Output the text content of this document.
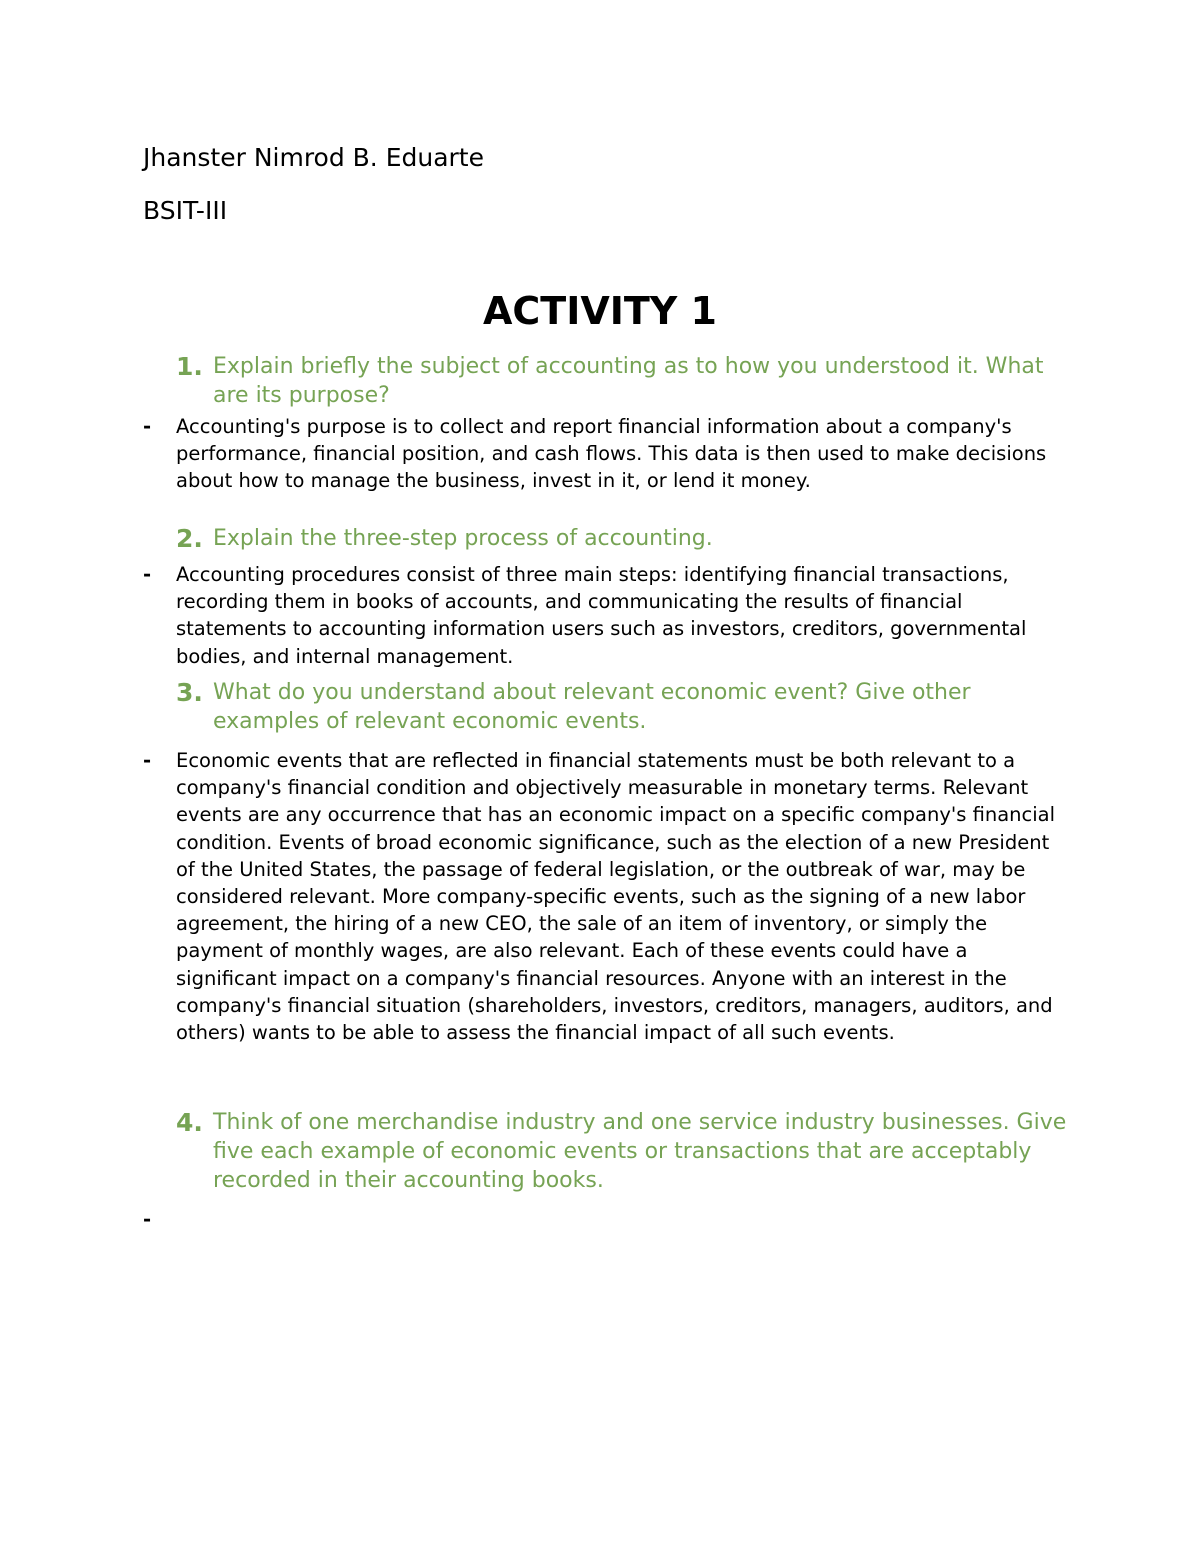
Jhanster Nimrod B. Eduarte
BSIT-III
ACTIVITY 1
1. Explain briefly the subject of accounting as to how you understood it. What are its purpose?
- Accounting's purpose is to collect and report financial information about a company's performance, financial position, and cash flows. This data is then used to make decisions about how to manage the business, invest in it, or lend it money.
2. Explain the three-step process of accounting.
- Accounting procedures consist of three main steps: identifying financial transactions, recording them in books of accounts, and communicating the results of financial statements to accounting information users such as investors, creditors, governmental bodies, and internal management.
3. What do you understand about relevant economic event? Give other examples of relevant economic events.
- Economic events that are reflected in financial statements must be both relevant to a company's financial condition and objectively measurable in monetary terms. Relevant events are any occurrence that has an economic impact on a specific company's financial condition. Events of broad economic significance, such as the election of a new President of the United States, the passage of federal legislation, or the outbreak of war, may be considered relevant. More company-specific events, such as the signing of a new labor agreement, the hiring of a new CEO, the sale of an item of inventory, or simply the payment of monthly wages, are also relevant. Each of these events could have a significant impact on a company's financial resources. Anyone with an interest in the company's financial situation (shareholders, investors, creditors, managers, auditors, and others) wants to be able to assess the financial impact of all such events.
4. Think of one merchandise industry and one service industry businesses. Give five each example of economic events or transactions that are acceptably recorded in their accounting books.
-
